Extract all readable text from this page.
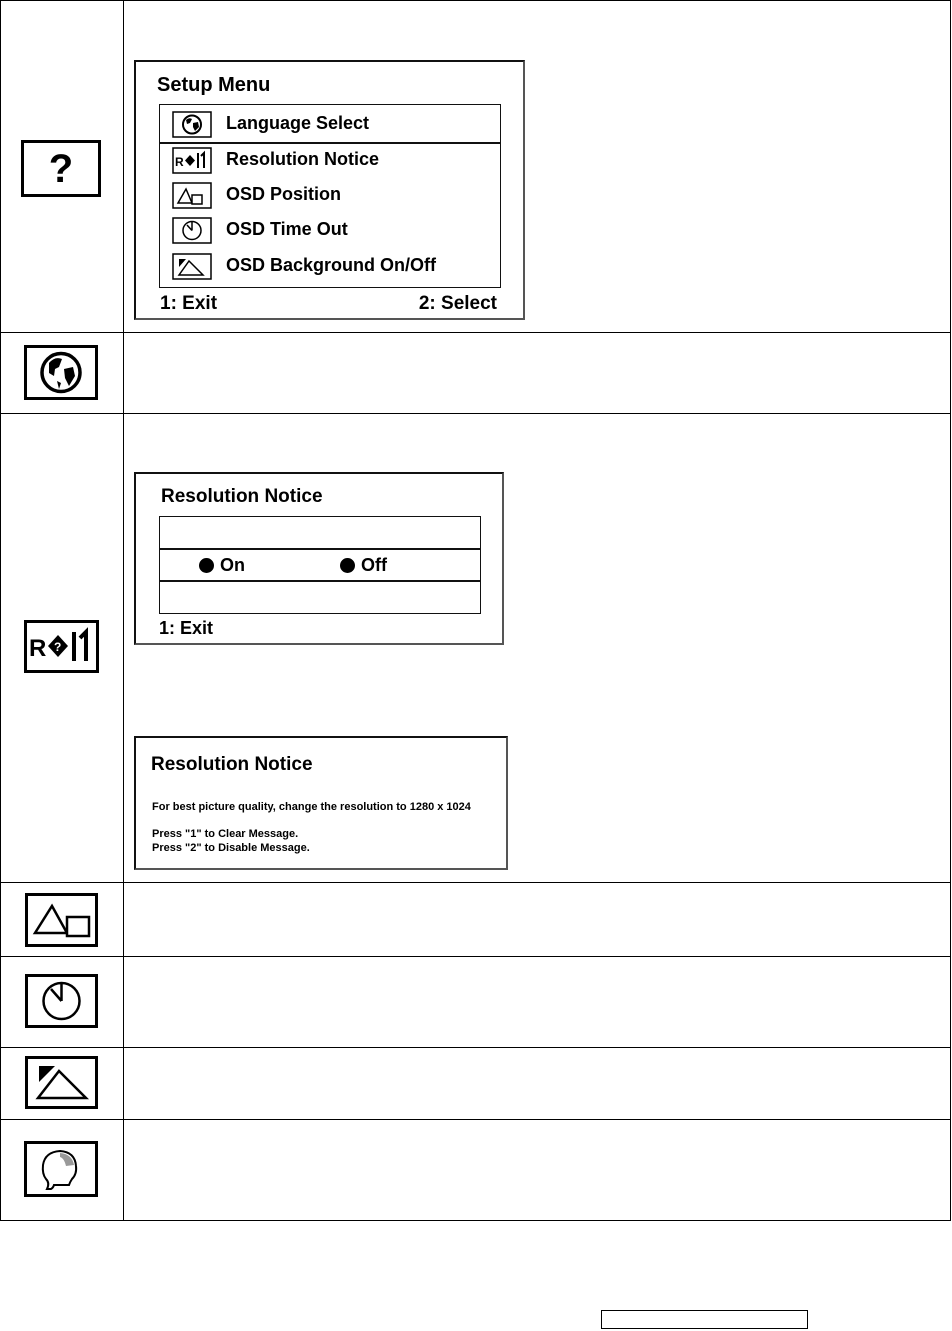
?
Setup Menu
Language Select
R Resolution Notice
OSD Position
OSD Time Out
OSD Background On/Off
1: Exit	2: Select
R ?
Resolution Notice
On	Off
1: Exit
Resolution Notice
For best picture quality, change the resolution to 1280 x 1024
Press "1" to Clear Message.
Press "2" to Disable Message.
